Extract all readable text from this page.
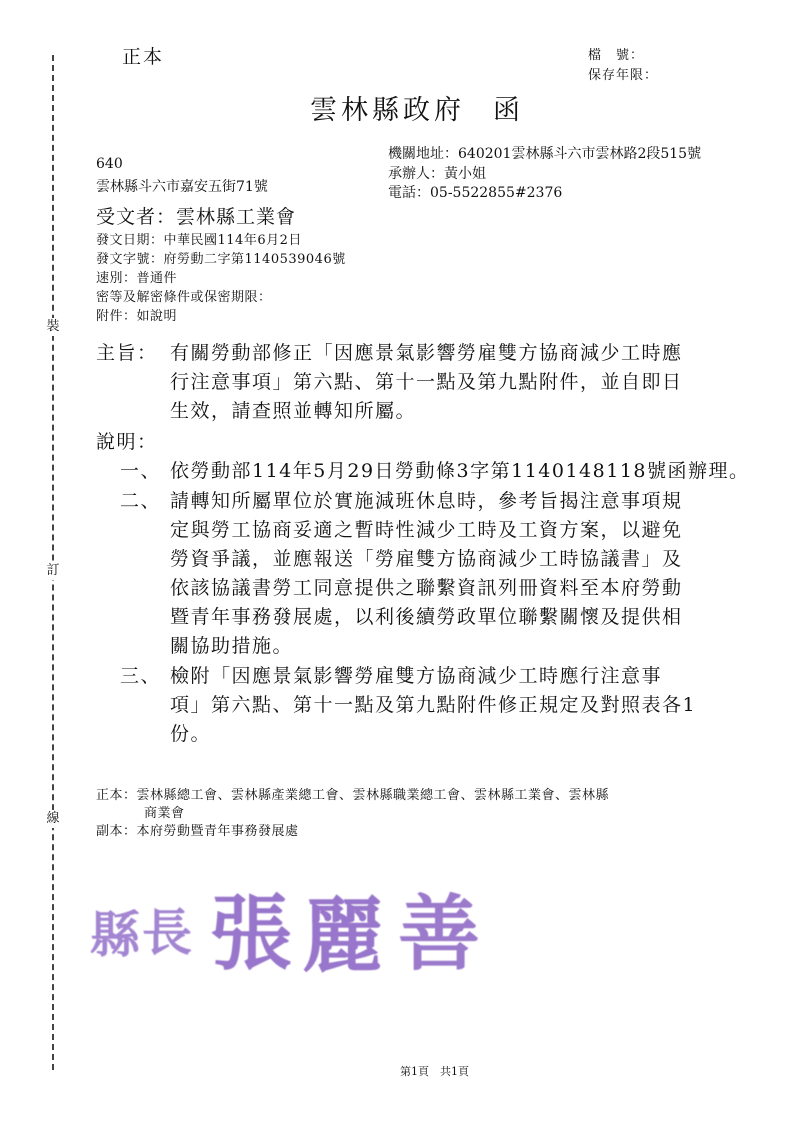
裝
訂
線
正本	檔　號：
保存年限：
雲林縣政府 函
640
雲林縣斗六市嘉安五街71號
機關地址：640201雲林縣斗六市雲林路2段515號
承辦人：黃小姐
電話：05-5522855#2376
受文者：雲林縣工業會
發文日期：中華民國114年6月2日
發文字號：府勞動二字第1140539046號
速別：普通件
密等及解密條件或保密期限：
附件：如說明
主旨： 有關勞動部修正「因應景氣影響勞雇雙方協商減少工時應
行注意事項」第六點、第十一點及第九點附件，並自即日
生效，請查照並轉知所屬。
說明：
一、 依勞動部114年5月29日勞動條3字第1140148118號函辦理。
二、 請轉知所屬單位於實施減班休息時，參考旨揭注意事項規
定與勞工協商妥適之暫時性減少工時及工資方案，以避免
勞資爭議，並應報送「勞雇雙方協商減少工時協議書」及
依該協議書勞工同意提供之聯繫資訊列冊資料至本府勞動
暨青年事務發展處，以利後續勞政單位聯繫關懷及提供相
關協助措施。
三、 檢附「因應景氣影響勞雇雙方協商減少工時應行注意事
項」第六點、第十一點及第九點附件修正規定及對照表各1
份。
正本：雲林縣總工會、雲林縣產業總工會、雲林縣職業總工會、雲林縣工業會、雲林縣
商業會
副本：本府勞動暨青年事務發展處
縣 長 張 麗 善
第1頁　共1頁
